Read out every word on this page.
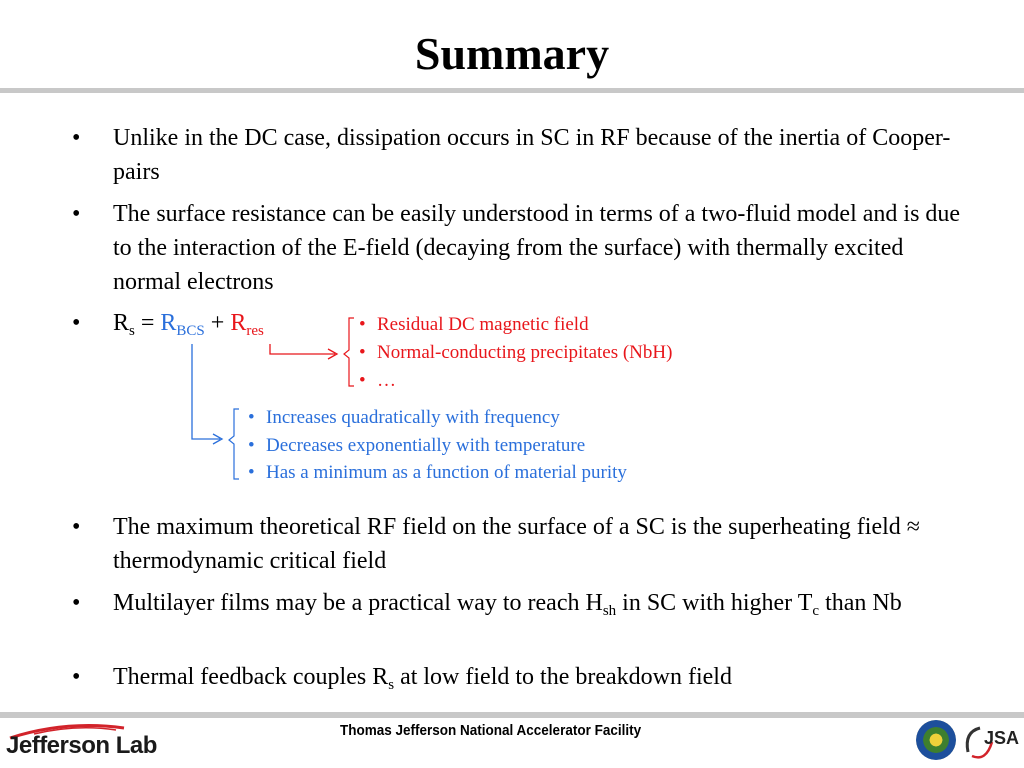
Summary
• Unlike in the DC case, dissipation occurs in SC in RF because of the inertia of Cooper-pairs
• The surface resistance can be easily understood in terms of a two-fluid model and is due to the interaction of the E-field (decaying from the surface) with thermally excited normal electrons
• $R_s = R_{BCS} + R_{res}$	• Residual DC magnetic field
• Normal-conducting precipitates (NbH)
• …
• Increases quadratically with frequency
• Decreases exponentially with temperature
• Has a minimum as a function of material purity
• The maximum theoretical RF field on the surface of a SC is the superheating field ≈ thermodynamic critical field
• Multilayer films may be a practical way to reach $H_{sh}$ in SC with higher $T_c$ than Nb
• Thermal feedback couples $R_s$ at low field to the breakdown field
Jefferson Lab
Thomas Jefferson National Accelerator Facility	JSA
